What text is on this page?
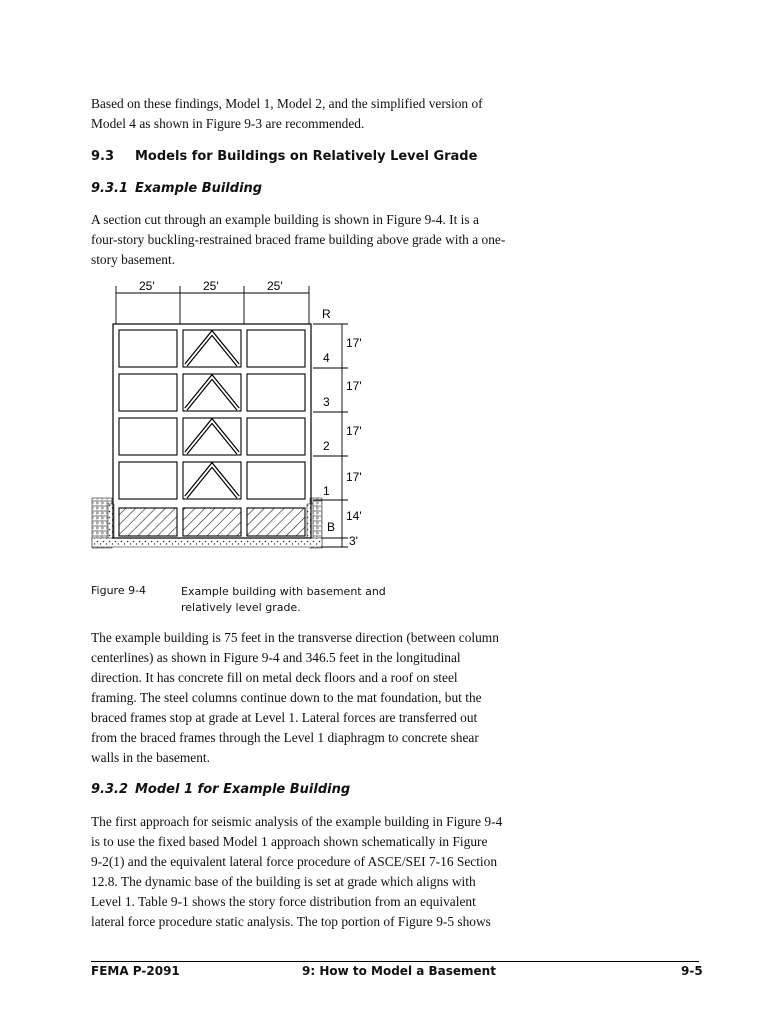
Based on these findings, Model 1, Model 2, and the simplified version of
Model 4 as shown in Figure 9-3 are recommended.

9.3 Models for Buildings on Relatively Level Grade
9.3.1 Example Building

A section cut through an example building is shown in Figure 9-4. It is a
four-story buckling-restrained braced frame building above grade with a one-
story basement.

25'	25'	25'
R
4
3
2
1
B
17'
17'
17'
17'
14'
3'
Figure 9-4	Example building with basement and
relatively level grade.

The example building is 75 feet in the transverse direction (between column
centerlines) as shown in Figure 9-4 and 346.5 feet in the longitudinal
direction. It has concrete fill on metal deck floors and a roof on steel
framing. The steel columns continue down to the mat foundation, but the
braced frames stop at grade at Level 1. Lateral forces are transferred out
from the braced frames through the Level 1 diaphragm to concrete shear
walls in the basement.

9.3.2 Model 1 for Example Building

The first approach for seismic analysis of the example building in Figure 9-4
is to use the fixed based Model 1 approach shown schematically in Figure
9-2(1) and the equivalent lateral force procedure of ASCE/SEI 7-16 Section
12.8. The dynamic base of the building is set at grade which aligns with
Level 1. Table 9-1 shows the story force distribution from an equivalent
lateral force procedure static analysis. The top portion of Figure 9-5 shows

FEMA P-2091	9: How to Model a Basement	9-5
